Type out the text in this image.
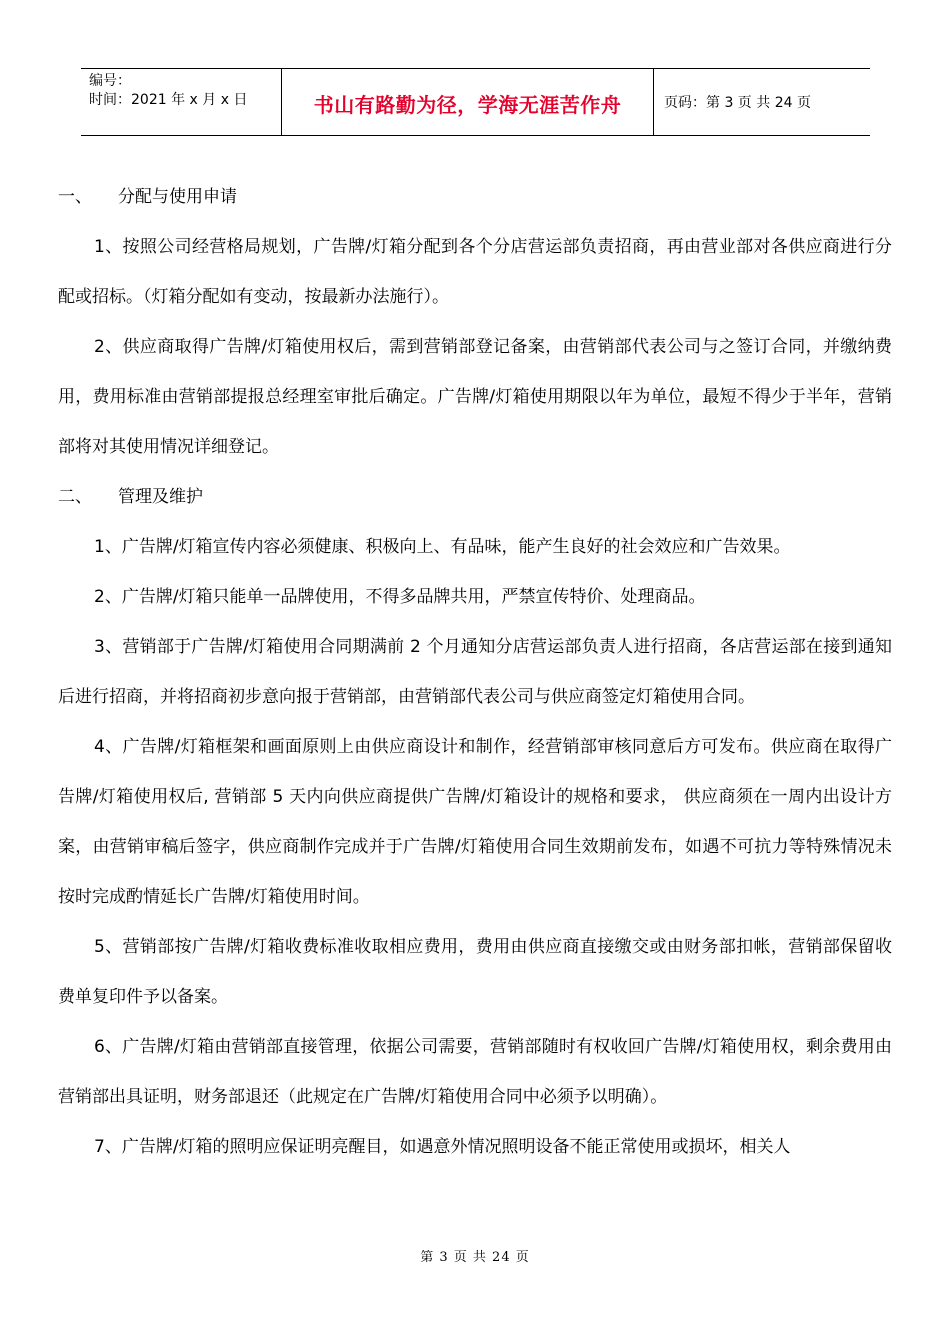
编号：
时间：2021 年 x 月 x 日	书山有路勤为径，学海无涯苦作舟	页码：第 3 页 共 24 页
一、	分配与使用申请

1、按照公司经营格局规划，广告牌/灯箱分配到各个分店营运部负责招商，再由营业部对各供应商进行分配或招标。（灯箱分配如有变动，按最新办法施行）。

2、供应商取得广告牌/灯箱使用权后，需到营销部登记备案，由营销部代表公司与之签订合同，并缴纳费用，费用标准由营销部提报总经理室审批后确定。广告牌/灯箱使用期限以年为单位，最短不得少于半年，营销部将对其使用情况详细登记。

二、	管理及维护

1、广告牌/灯箱宣传内容必须健康、积极向上、有品味，能产生良好的社会效应和广告效果。

2、广告牌/灯箱只能单一品牌使用，不得多品牌共用，严禁宣传特价、处理商品。

3、营销部于广告牌/灯箱使用合同期满前 2 个月通知分店营运部负责人进行招商，各店营运部在接到通知后进行招商，并将招商初步意向报于营销部，由营销部代表公司与供应商签定灯箱使用合同。

4、广告牌/灯箱框架和画面原则上由供应商设计和制作，经营销部审核同意后方可发布。供应商在取得广告牌/灯箱使用权后, 营销部 5 天内向供应商提供广告牌/灯箱设计的规格和要求， 供应商须在一周内出设计方案，由营销审稿后签字，供应商制作完成并于广告牌/灯箱使用合同生效期前发布，如遇不可抗力等特殊情况未按时完成酌情延长广告牌/灯箱使用时间。

5、营销部按广告牌/灯箱收费标准收取相应费用，费用由供应商直接缴交或由财务部扣帐，营销部保留收费单复印件予以备案。

6、广告牌/灯箱由营销部直接管理，依据公司需要，营销部随时有权收回广告牌/灯箱使用权，剩余费用由营销部出具证明，财务部退还（此规定在广告牌/灯箱使用合同中必须予以明确）。

7、广告牌/灯箱的照明应保证明亮醒目，如遇意外情况照明设备不能正常使用或损坏，相关人

第 3 页 共 24 页
